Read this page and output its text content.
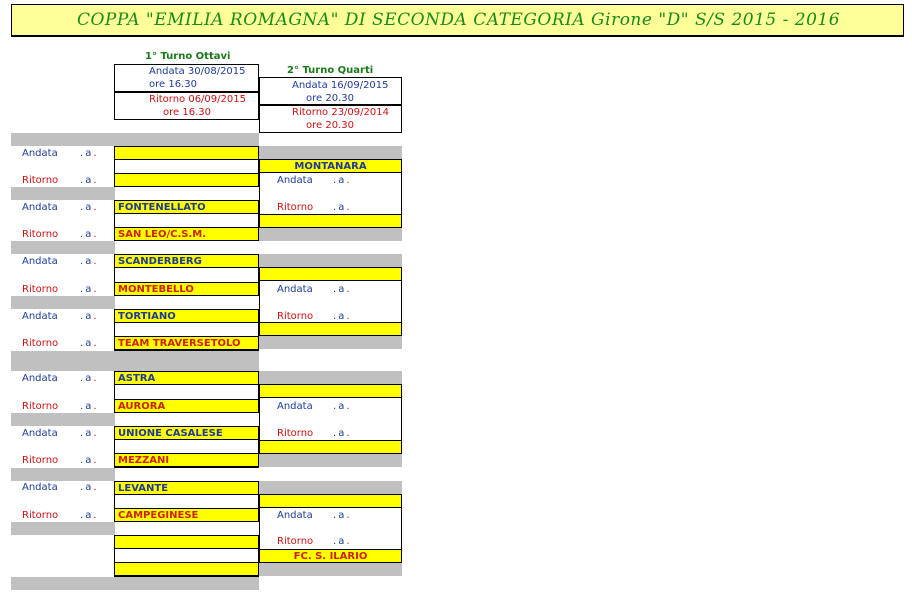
COPPA "EMILIA ROMAGNA" DI SECONDA CATEGORIA Girone "D" S/S 2015 - 2016
1° Turno Ottavi
Andata 30/08/2015
ore 16.30
Ritorno 06/09/2015
ore 16.30
2° Turno Quarti
Andata 16/09/2015
ore 20.30
Ritorno 23/09/2014
ore 20.30
FONTENELLATO
SAN LEO/C.S.M.
SCANDERBERG
MONTEBELLO
TORTIANO
TEAM TRAVERSETOLO
ASTRA
AURORA
UNIONE CASALESE
MEZZANI
LEVANTE
CAMPEGINESE
MONTANARA
FC. S. ILARIO
Andata .a.
Ritorno .a.
Andata .a.
Ritorno .a.
Andata .a.
Ritorno .a.
Andata .a.
Ritorno .a.
Andata .a.
Ritorno .a.
Andata .a.
Ritorno .a.
Andata .a.
Ritorno .a.
Andata .a.
Ritorno .a.
Andata .a.
Ritorno .a.
Andata .a.
Ritorno .a.
Andata .a.
Ritorno .a.
